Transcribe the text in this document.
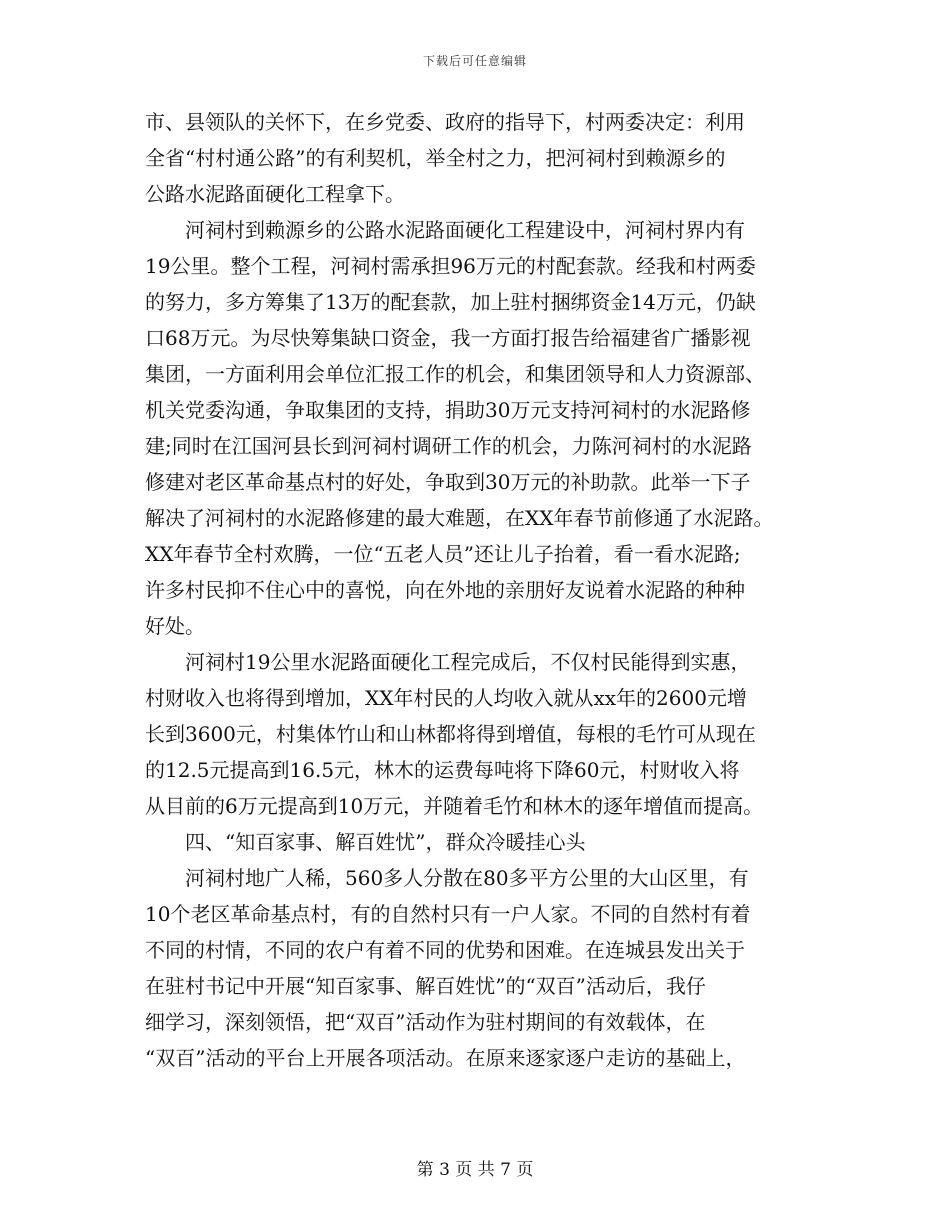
下载后可任意编辑
市、县领队的关怀下，在乡党委、政府的指导下，村两委决定：利用
全省“村村通公路”的有利契机，举全村之力，把河祠村到赖源乡的
公路水泥路面硬化工程拿下。
　　河祠村到赖源乡的公路水泥路面硬化工程建设中，河祠村界内有
19公里。整个工程，河祠村需承担96万元的村配套款。经我和村两委
的努力，多方筹集了13万的配套款，加上驻村捆绑资金14万元，仍缺
口68万元。为尽快筹集缺口资金，我一方面打报告给福建省广播影视
集团，一方面利用会单位汇报工作的机会，和集团领导和人力资源部、
机关党委沟通，争取集团的支持，捐助30万元支持河祠村的水泥路修
建;同时在江国河县长到河祠村调研工作的机会，力陈河祠村的水泥路
修建对老区革命基点村的好处，争取到30万元的补助款。此举一下子
解决了河祠村的水泥路修建的最大难题，在XX年春节前修通了水泥路。
XX年春节全村欢腾，一位“五老人员”还让儿子抬着，看一看水泥路;
许多村民抑不住心中的喜悦，向在外地的亲朋好友说着水泥路的种种
好处。
　　河祠村19公里水泥路面硬化工程完成后，不仅村民能得到实惠，
村财收入也将得到增加，XX年村民的人均收入就从xx年的2600元增
长到3600元，村集体竹山和山林都将得到增值，每根的毛竹可从现在
的12.5元提高到16.5元，林木的运费每吨将下降60元，村财收入将
从目前的6万元提高到10万元，并随着毛竹和林木的逐年增值而提高。
　　四、“知百家事、解百姓忧”，群众冷暖挂心头
　　河祠村地广人稀，560多人分散在80多平方公里的大山区里，有
10个老区革命基点村，有的自然村只有一户人家。不同的自然村有着
不同的村情，不同的农户有着不同的优势和困难。在连城县发出关于
在驻村书记中开展“知百家事、解百姓忧”的“双百”活动后，我仔
细学习，深刻领悟，把“双百”活动作为驻村期间的有效载体，在
“双百”活动的平台上开展各项活动。在原来逐家逐户走访的基础上，
第 3 页 共 7 页
